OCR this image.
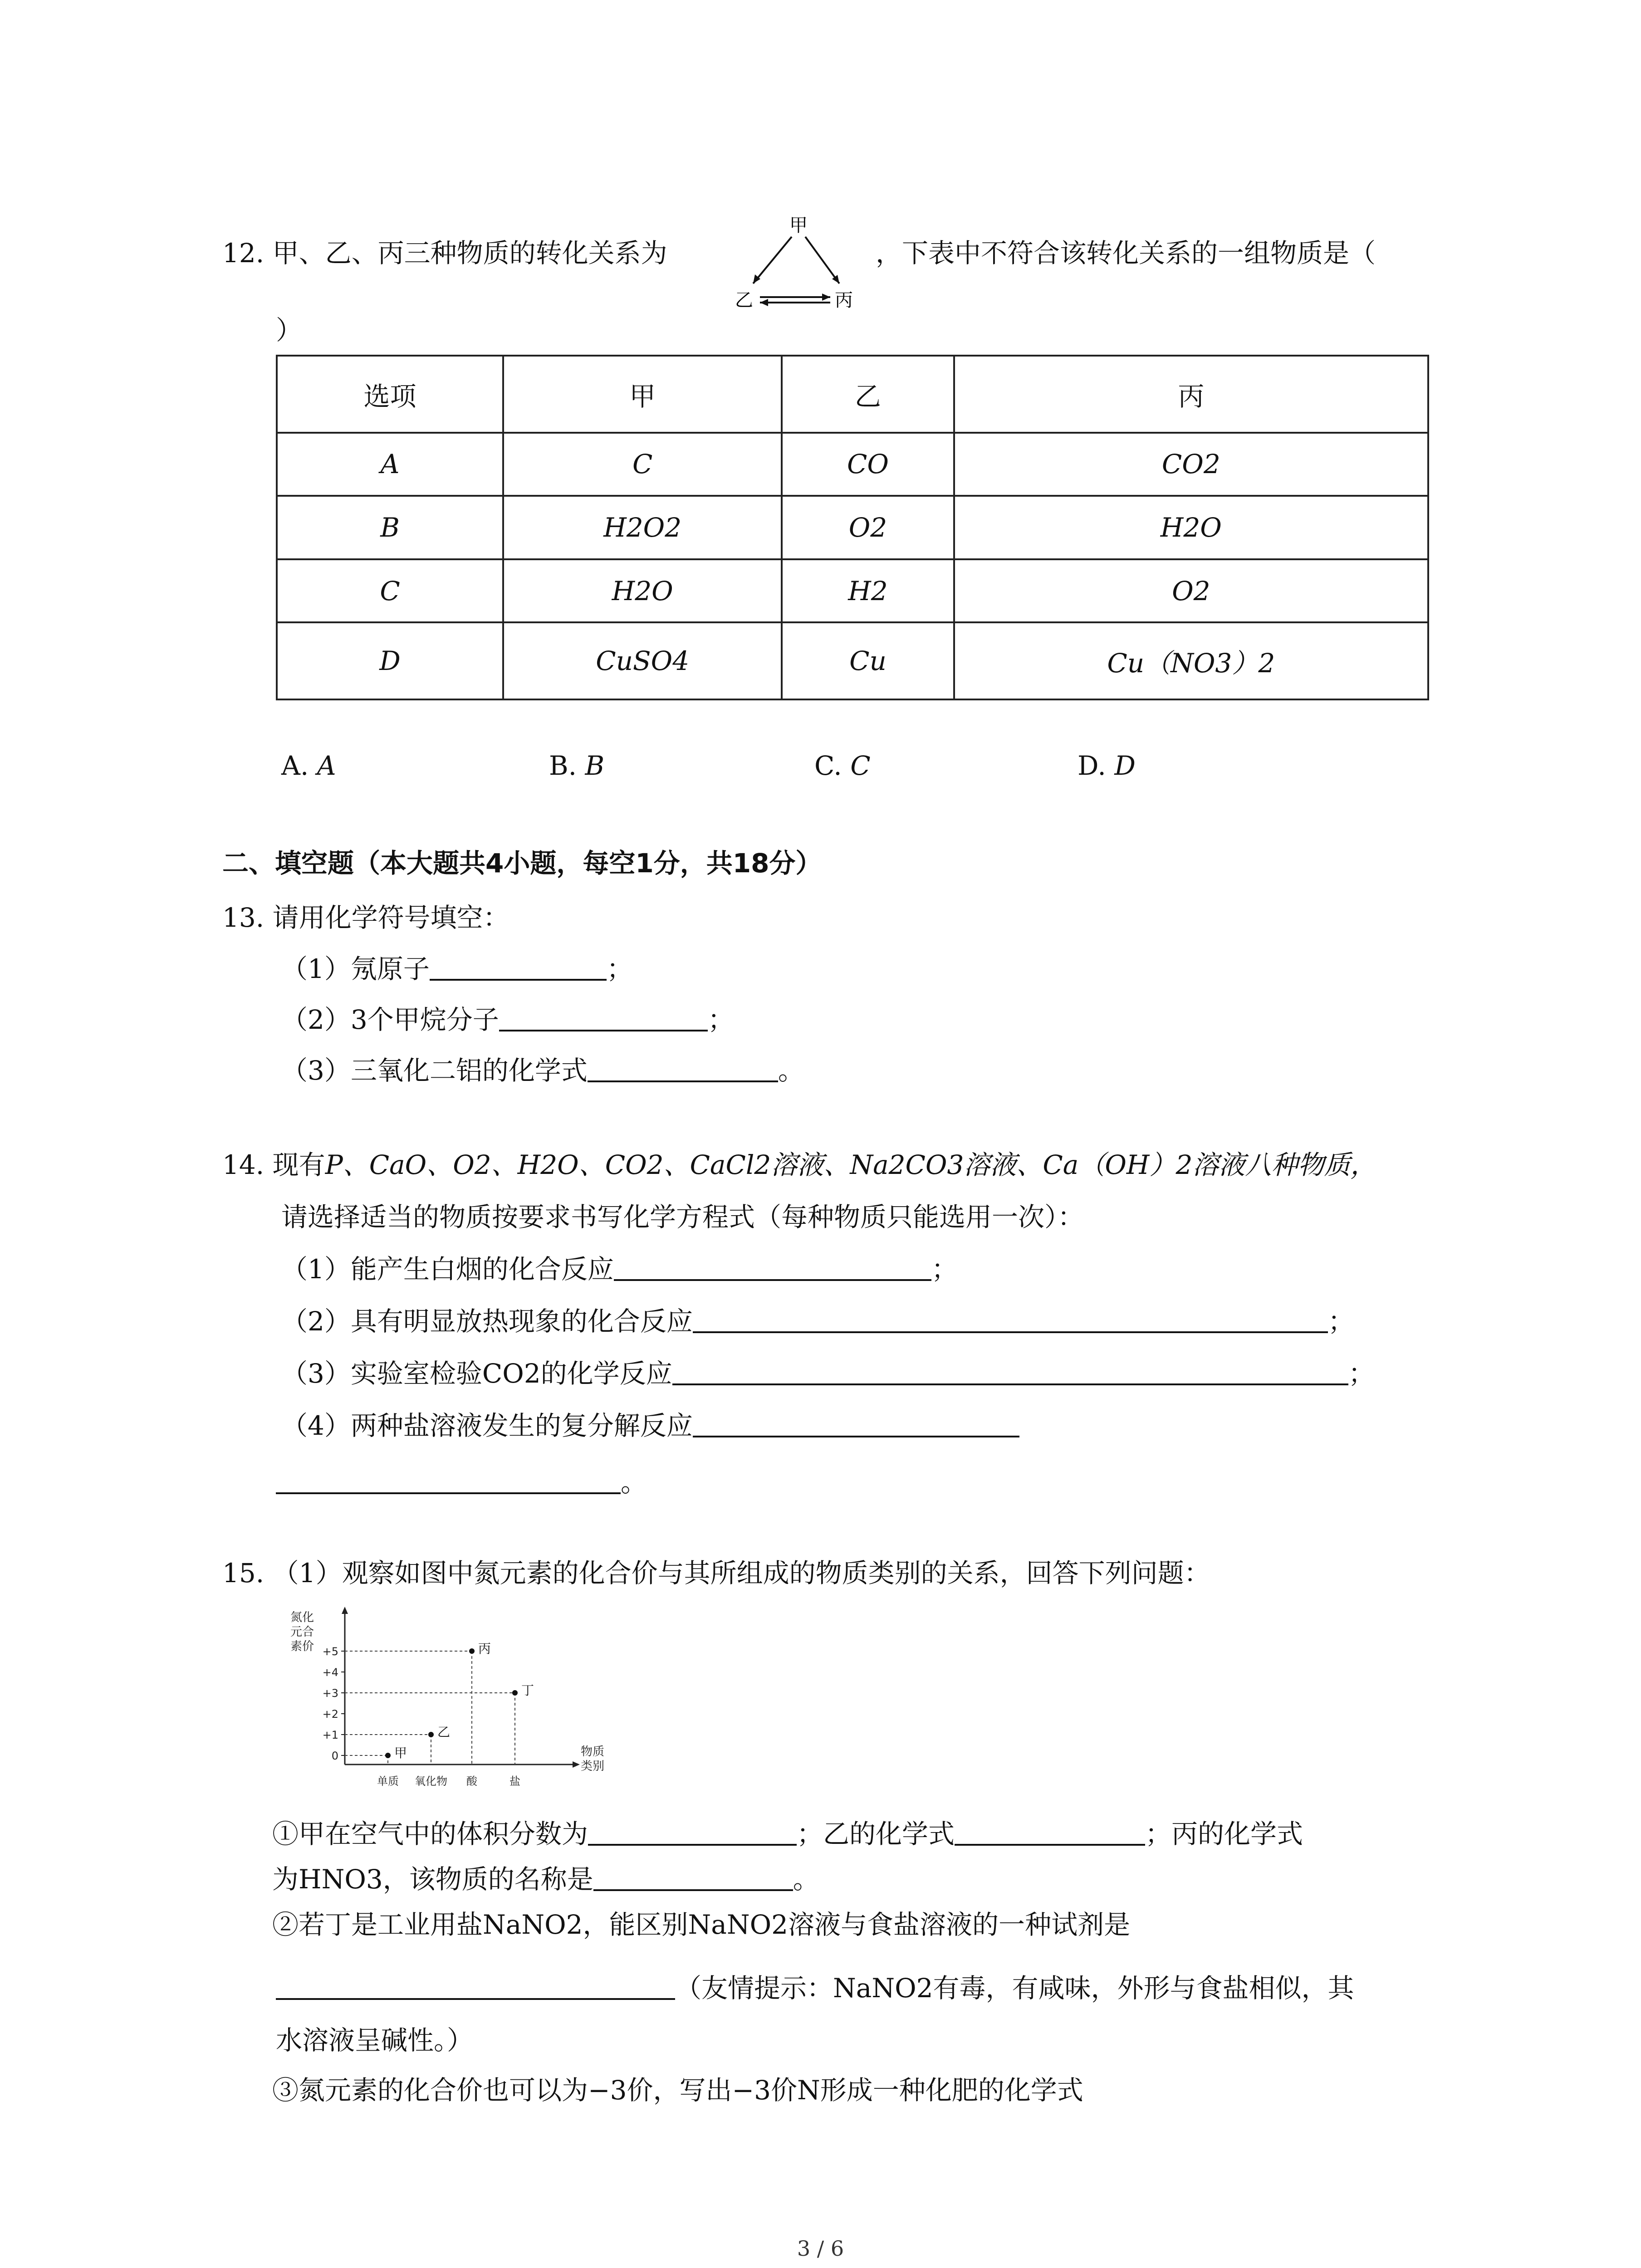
12. 甲、乙、丙三种物质的转化关系为
甲
乙	丙
，下表中不符合该转化关系的一组物质是（
）
选项	甲	乙	丙
A	C	CO	CO2
B	H2O2	O2	H2O
C	H2O	H2	O2
D	CuSO4	Cu	Cu（NO3）2
A. A	B. B	C. C	D. D
二、填空题（本大题共4小题，每空1分，共18分）
13. 请用化学符号填空：
（1）氖原子	；
（2）3个甲烷分子	；
（3）三氧化二铝的化学式	。
14. 现有P、CaO、O2、H2O、CO2、CaCl2溶液、Na2CO3溶液、Ca（OH）2溶液八种物质，
请选择适当的物质按要求书写化学方程式（每种物质只能选用一次）：
（1）能产生白烟的化合反应	；
（2）具有明显放热现象的化合反应	；
（3）实验室检验CO2的化学反应	；
（4）两种盐溶液发生的复分解反应
。
15. （1）观察如图中氮元素的化合价与其所组成的物质类别的关系，回答下列问题：
氮化
元合
素价
物质
类别
+5
+4
+3
+2
+1
0
单质 氧化物 酸	盐
甲
乙
丙
丁
①甲在空气中的体积分数为	；乙的化学式	；丙的化学式
为HNO3，该物质的名称是	。
②若丁是工业用盐NaNO2，能区别NaNO2溶液与食盐溶液的一种试剂是
（友情提示：NaNO2有毒，有咸味，外形与食盐相似，其
水溶液呈碱性。）
③氮元素的化合价也可以为−3价，写出−3价N形成一种化肥的化学式
3 / 6
